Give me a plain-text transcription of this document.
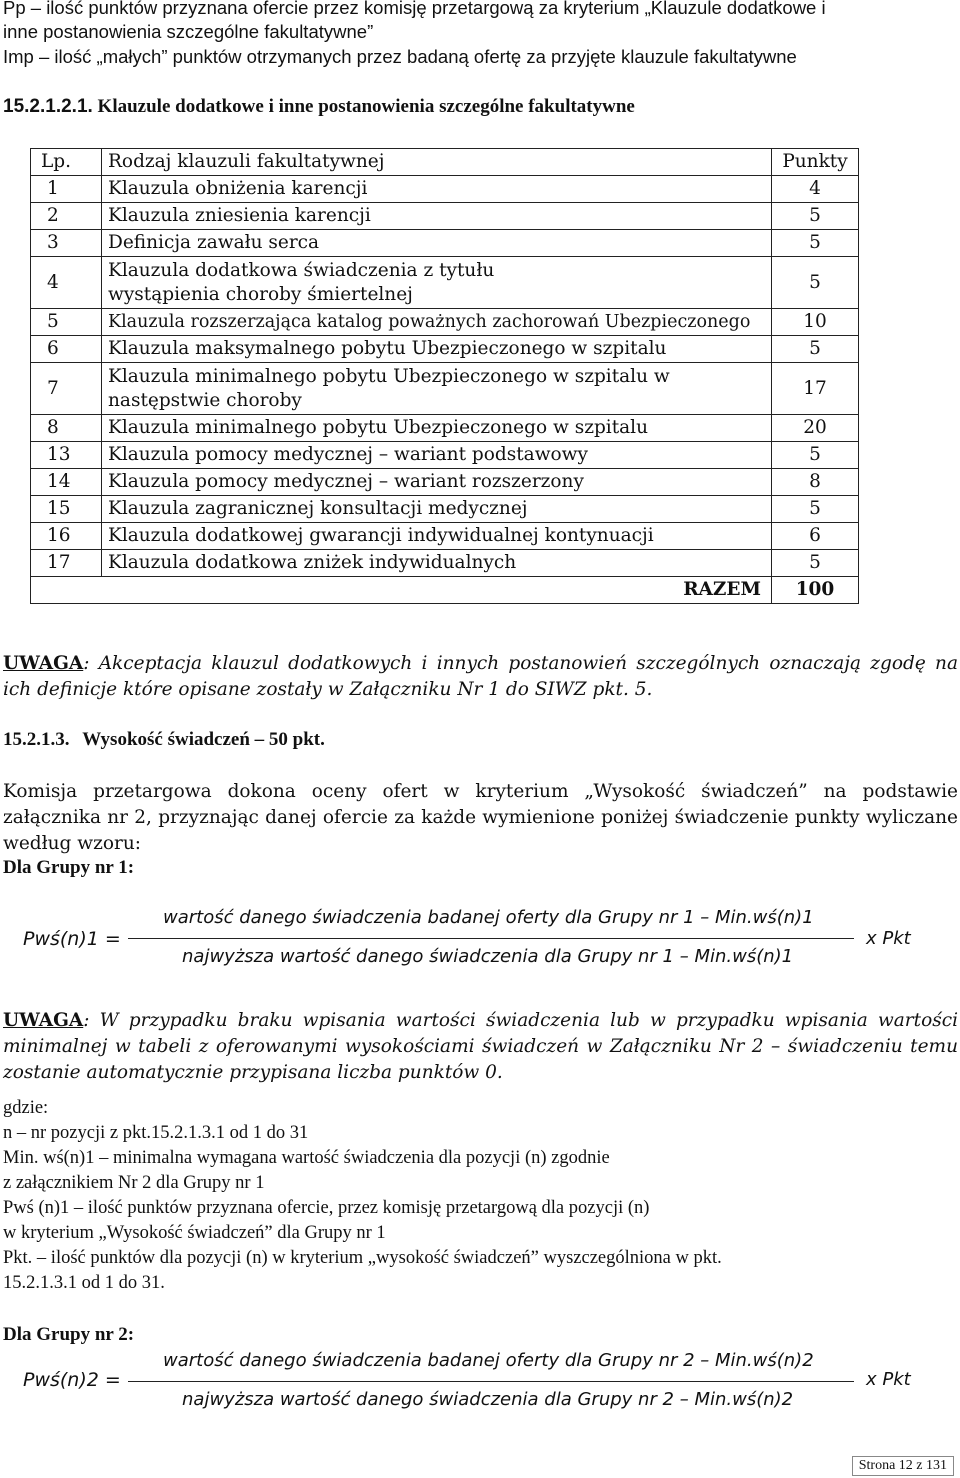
Pp – ilość punktów przyznana ofercie przez komisję przetargową za kryterium „Klauzule dodatkowe i
inne postanowienia szczególne fakultatywne”
Imp – ilość „małych” punktów otrzymanych przez badaną ofertę za przyjęte klauzule fakultatywne
15.2.1.2.1. Klauzule dodatkowe i inne postanowienia szczególne fakultatywne
Lp.	Rodzaj klauzuli fakultatywnej	Punkty
1	Klauzula obniżenia karencji	4
2	Klauzula zniesienia karencji	5
3	Definicja zawału serca	5
4	Klauzula dodatkowa świadczenia z tytułu wystąpienia choroby śmiertelnej	5
5	Klauzula rozszerzająca katalog poważnych zachorowań Ubezpieczonego	10
6	Klauzula maksymalnego pobytu Ubezpieczonego w szpitalu	5
7	Klauzula minimalnego pobytu Ubezpieczonego w szpitalu w następstwie choroby	17
8	Klauzula minimalnego pobytu Ubezpieczonego w szpitalu	20
13	Klauzula pomocy medycznej – wariant podstawowy	5
14	Klauzula pomocy medycznej – wariant rozszerzony	8
15	Klauzula zagranicznej konsultacji medycznej	5
16	Klauzula dodatkowej gwarancji indywidualnej kontynuacji	6
17	Klauzula dodatkowa zniżek indywidualnych	5
	RAZEM	100
UWAGA: Akceptacja klauzul dodatkowych i innych postanowień szczególnych oznaczają zgodę na ich definicje które opisane zostały w Załączniku Nr 1 do SIWZ pkt. 5.
15.2.1.3. Wysokość świadczeń – 50 pkt.
Komisja przetargowa dokona oceny ofert w kryterium „Wysokość świadczeń” na podstawie załącznika nr 2, przyznając danej ofercie za każde wymienione poniżej świadczenie punkty wyliczane według wzoru:
Dla Grupy nr 1:
Pwś(n)1 =
wartość danego świadczenia badanej oferty dla Grupy nr 1 – Min.wś(n)1
najwyższa wartość danego świadczenia dla Grupy nr 1 – Min.wś(n)1
x Pkt
UWAGA: W przypadku braku wpisania wartości świadczenia lub w przypadku wpisania wartości minimalnej w tabeli z oferowanymi wysokościami świadczeń w Załączniku Nr 2 – świadczeniu temu zostanie automatycznie przypisana liczba punktów 0.
gdzie:
n – nr pozycji z pkt.15.2.1.3.1 od 1 do 31
Min. wś(n)1 – minimalna wymagana wartość świadczenia dla pozycji (n) zgodnie
z załącznikiem Nr 2 dla Grupy nr 1
Pwś (n)1 – ilość punktów przyznana ofercie, przez komisję przetargową dla pozycji (n)
w kryterium „Wysokość świadczeń” dla Grupy nr 1
Pkt. – ilość punktów dla pozycji (n) w kryterium „wysokość świadczeń” wyszczególniona w pkt.
15.2.1.3.1 od 1 do 31.
Dla Grupy nr 2:
Pwś(n)2 =
wartość danego świadczenia badanej oferty dla Grupy nr 2 – Min.wś(n)2
najwyższa wartość danego świadczenia dla Grupy nr 2 – Min.wś(n)2
x Pkt
Strona 12 z 131
